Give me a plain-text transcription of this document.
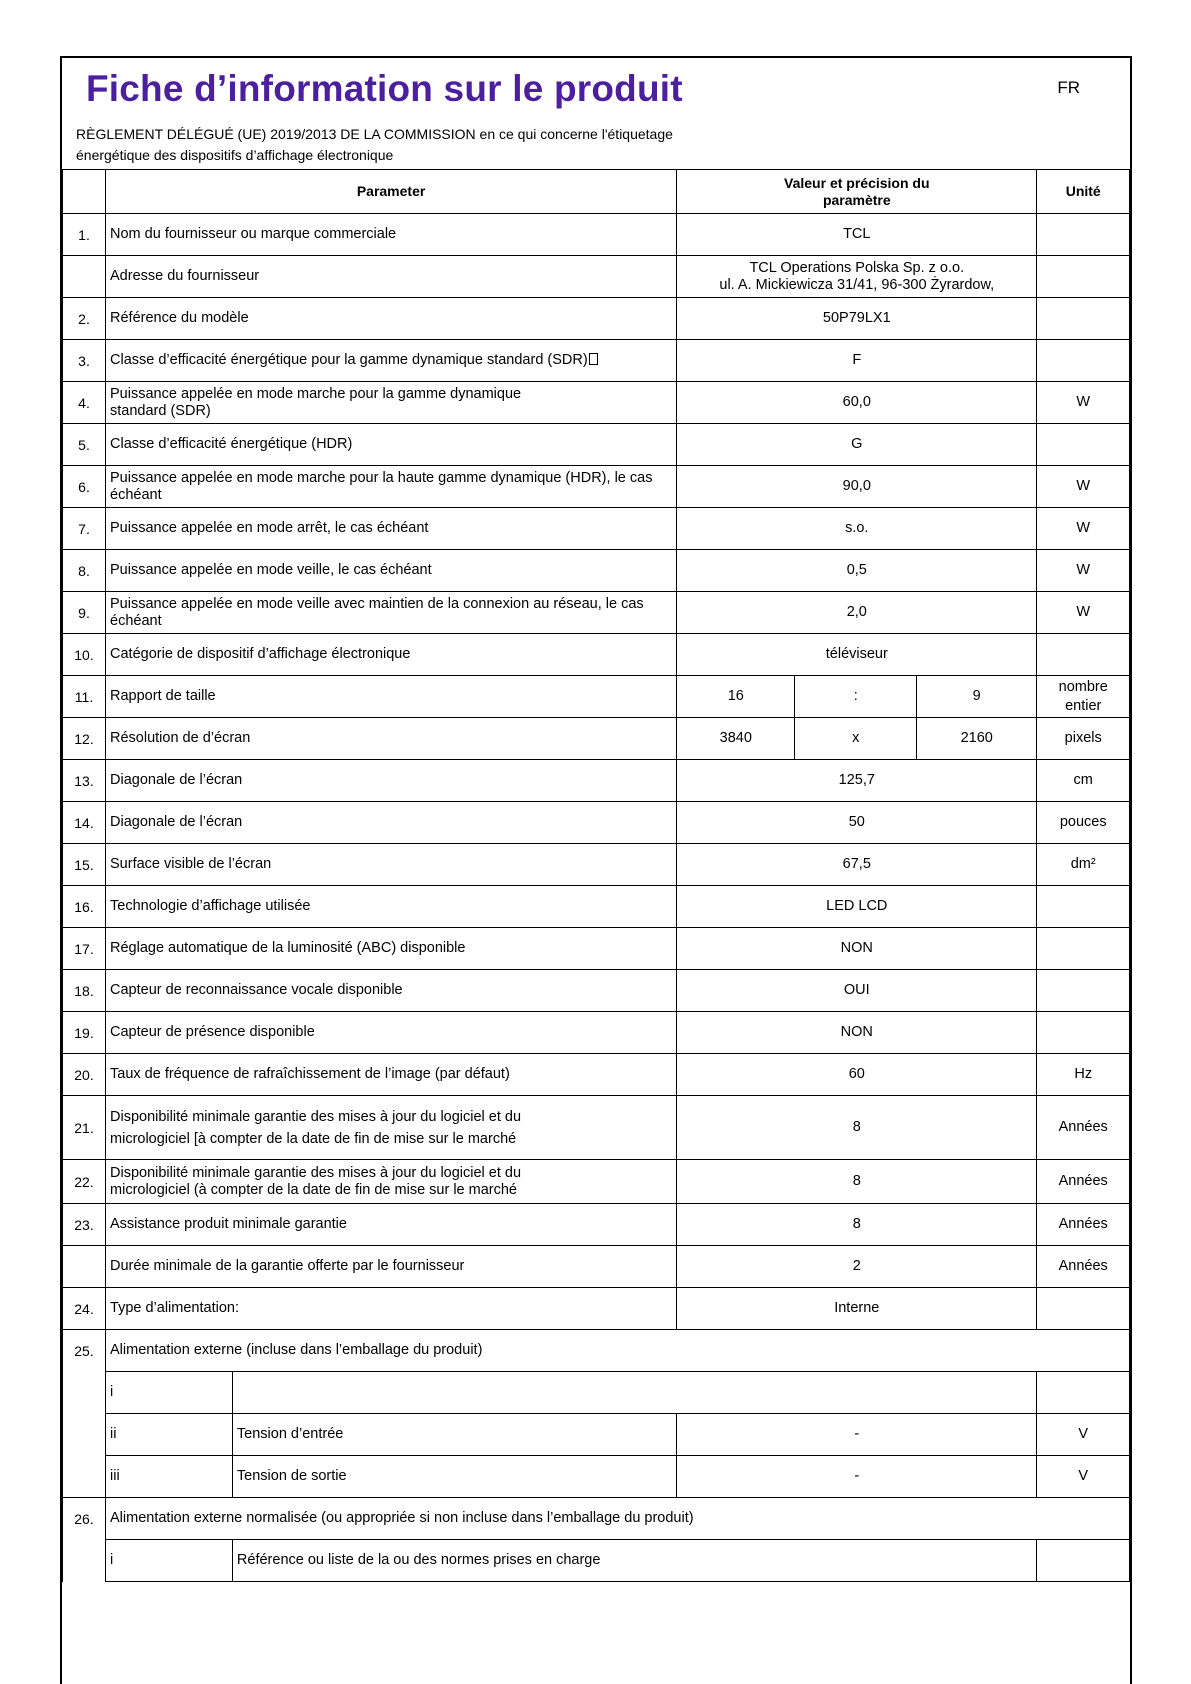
Fiche d’information sur le produit	FR
RÈGLEMENT DÉLÉGUÉ (UE) 2019/2013 DE LA COMMISSION en ce qui concerne l'étiquetage
énergétique des dispositifs d’affichage électronique
	Parameter		Valeur et précision du
paramètre			Unité
1.	Nom du fournisseur ou marque commerciale		TCL			
	Adresse du fournisseur		TCL Operations Polska Sp. z o.o.
ul. A. Mickiewicza 31/41, 96-300 Żyrardow,			

2.	Référence du modèle		50P79LX1			
3.	Classe d’efficacité énergétique pour la gamme dynamique standard (SDR)		F			
4.	Puissance appelée en mode marche pour la gamme dynamique standard (SDR)		60,0			W
5.	Classe d’efficacité énergétique (HDR)		G			
6.	Puissance appelée en mode marche pour la haute gamme dynamique (HDR), le cas échéant		90,0			W
7.	Puissance appelée en mode arrêt, le cas échéant		s.o.			W
8.	Puissance appelée en mode veille, le cas échéant		0,5			W
9.	Puissance appelée en mode veille avec maintien de la connexion au réseau, le cas échéant		2,0			W
10.	Catégorie de dispositif d’affichage électronique		téléviseur			
11.	Rapport de taille		16	:	9	nombre
entier

12.	Résolution de d’écran		3840	x	2160	pixels
13.	Diagonale de l’écran		125,7			cm
14.	Diagonale de l’écran		50			pouces
15.	Surface visible de l’écran		67,5			dm²
16.	Technologie d’affichage utilisée		LED LCD			
17.	Réglage automatique de la luminosité (ABC) disponible		NON			
18.	Capteur de reconnaissance vocale disponible		OUI			
19.	Capteur de présence disponible		NON			
20.	Taux de fréquence de rafraîchissement de l’image (par défaut)		60			Hz
21.	Disponibilité minimale garantie des mises à jour du logiciel et du micrologiciel [à compter de la date de fin de mise sur le marché		8			Années
22.	Disponibilité minimale garantie des mises à jour du logiciel et du micrologiciel (à compter de la date de fin de mise sur le marché		8			Années
23.	Assistance produit minimale garantie		8			Années
	Durée minimale de la garantie offerte par le fournisseur		2			Années
24.	Type d’alimentation:		Interne			
25.	Alimentation externe (incluse dans l’emballage du produit)					
	i					
	ii	Tension d’entrée	-			V
	iii	Tension de sortie	-			V
26.	Alimentation externe normalisée (ou appropriée si non incluse dans l’emballage du produit)					
	i	Référence ou liste de la ou des normes prises en charge				
